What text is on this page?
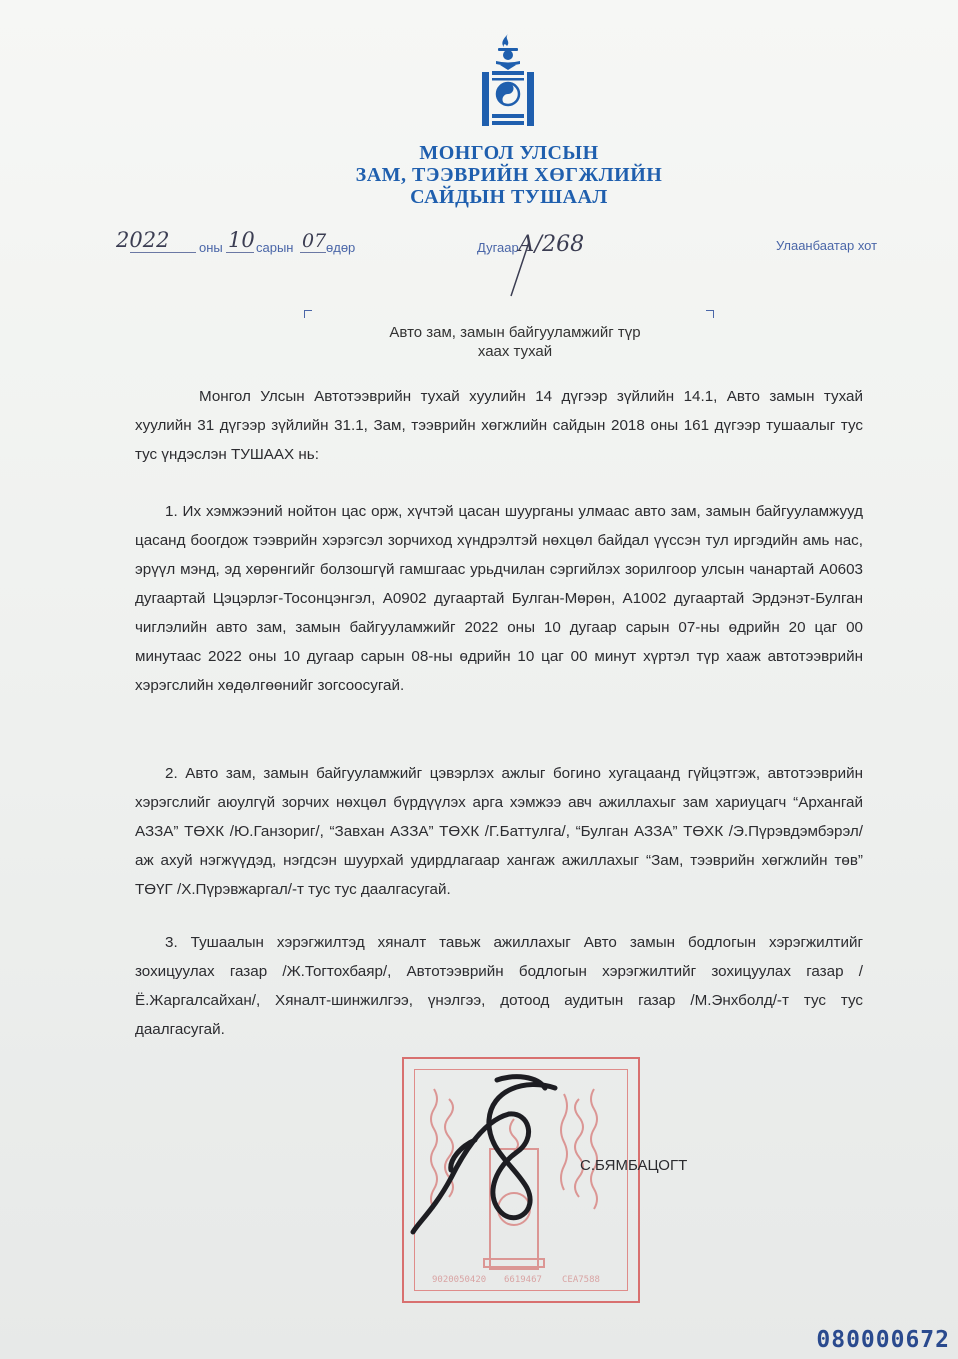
МОНГОЛ УЛСЫН
ЗАМ, ТЭЭВРИЙН ХӨГЖЛИЙН
САЙДЫН ТУШААЛ
2022 оны 10 сарын 07 өдөр	Дугаар А/268	Улаанбаатар хот
Авто зам, замын байгууламжийг түр
хаах тухай

Монгол Улсын Автотээврийн тухай хуулийн 14 дүгээр зүйлийн 14.1, Авто замын тухай хуулийн 31 дүгээр зүйлийн 31.1, Зам, тээврийн хөгжлийн сайдын 2018 оны 161 дүгээр тушаалыг тус тус үндэслэн ТУШААХ нь:

1. Их хэмжээний нойтон цас орж, хүчтэй цасан шуурганы улмаас авто зам, замын байгууламжууд цасанд боогдож тээврийн хэрэгсэл зорчиход хүндрэлтэй нөхцөл байдал үүссэн тул иргэдийн амь нас, эрүүл мэнд, эд хөрөнгийг болзошгүй гамшгаас урьдчилан сэргийлэх зорилгоор улсын чанартай А0603 дугаартай Цэцэрлэг-Тосонцэнгэл, А0902 дугаартай Булган-Мөрөн, А1002 дугаартай Эрдэнэт-Булган чиглэлийн авто зам, замын байгууламжийг 2022 оны 10 дугаар сарын 07-ны өдрийн 20 цаг 00 минутаас 2022 оны 10 дугаар сарын 08-ны өдрийн 10 цаг 00 минут хүртэл түр хааж автотээврийн хэрэгслийн хөдөлгөөнийг зогсоосугай.

2. Авто зам, замын байгууламжийг цэвэрлэх ажлыг богино хугацаанд гүйцэтгэж, автотээврийн хэрэгслийг аюулгүй зорчих нөхцөл бүрдүүлэх арга хэмжээ авч ажиллахыг зам хариуцагч “Архангай АЗЗА” ТӨХК /Ю.Ганзориг/, “Завхан АЗЗА” ТӨХК /Г.Баттулга/, “Булган АЗЗА” ТӨХК /Э.Пүрэвдэмбэрэл/ аж ахуй нэгжүүдэд, нэгдсэн шуурхай удирдлагаар хангаж ажиллахыг “Зам, тээврийн хөгжлийн төв” ТӨҮГ /Х.Пүрэвжаргал/-т тус тус даалгасугай.

3. Тушаалын хэрэгжилтэд хяналт тавьж ажиллахыг Авто замын бодлогын хэрэгжилтийг зохицуулах газар /Ж.Тогтохбаяр/, Автотээврийн бодлогын хэрэгжилтийг зохицуулах газар /Ё.Жаргалсайхан/, Хяналт-шинжилгээ, үнэлгээ, дотоод аудитын газар /М.Энхболд/-т тус тус даалгасугай.

9020050420 6619467 CEA7588
С.БЯМБАЦОГТ
080000672
